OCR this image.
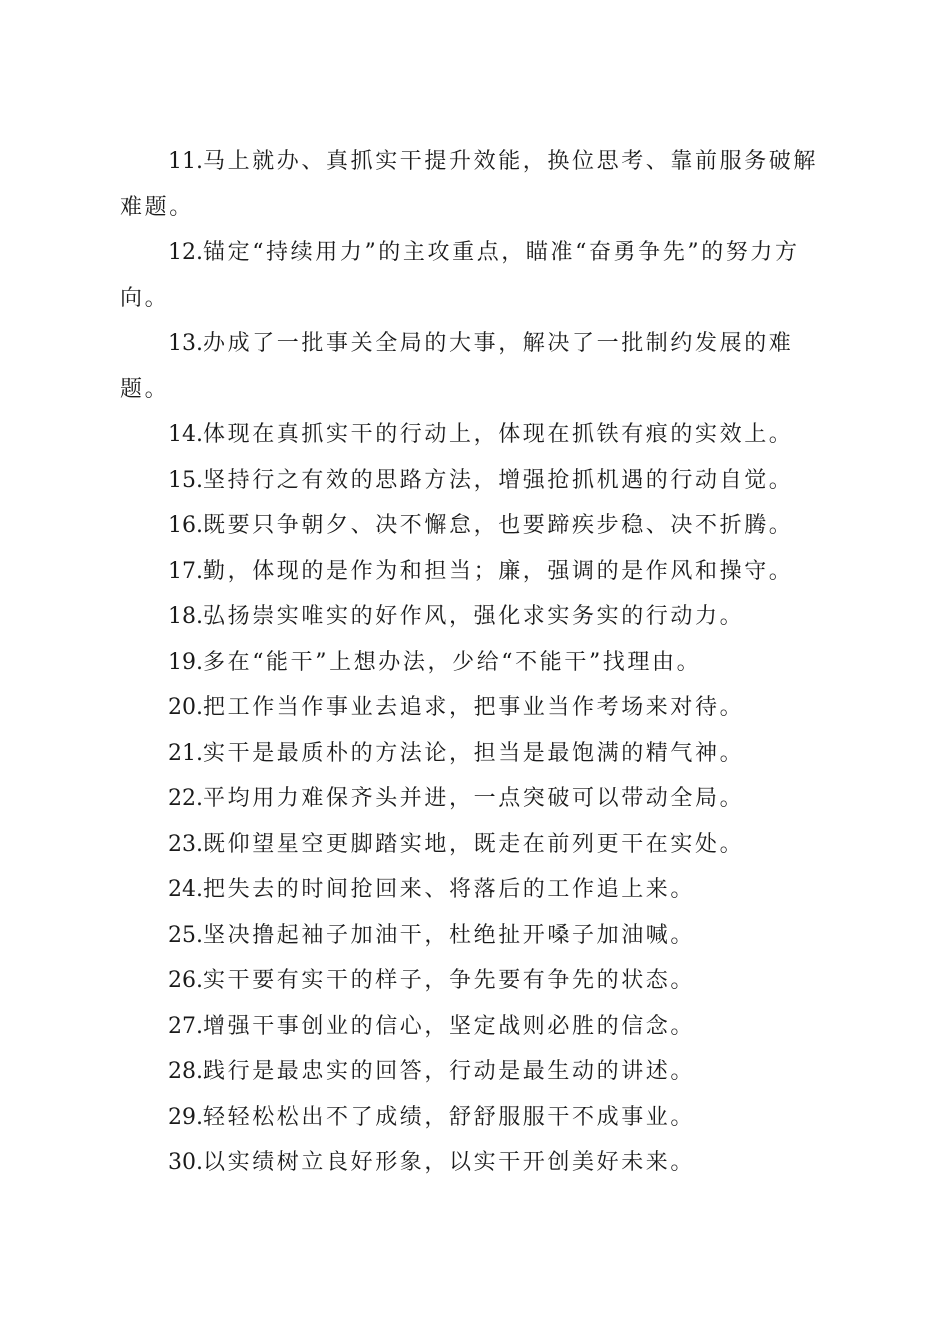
11.马上就办、真抓实干提升效能，换位思考、靠前服务破解难题。

12.锚定“持续用力”的主攻重点，瞄准“奋勇争先”的努力方向。

13.办成了一批事关全局的大事，解决了一批制约发展的难题。

14.体现在真抓实干的行动上，体现在抓铁有痕的实效上。

15.坚持行之有效的思路方法，增强抢抓机遇的行动自觉。

16.既要只争朝夕、决不懈怠，也要蹄疾步稳、决不折腾。

17.勤，体现的是作为和担当；廉，强调的是作风和操守。

18.弘扬崇实唯实的好作风，强化求实务实的行动力。

19.多在“能干”上想办法，少给“不能干”找理由。

20.把工作当作事业去追求，把事业当作考场来对待。

21.实干是最质朴的方法论，担当是最饱满的精气神。

22.平均用力难保齐头并进，一点突破可以带动全局。

23.既仰望星空更脚踏实地，既走在前列更干在实处。

24.把失去的时间抢回来、将落后的工作追上来。

25.坚决撸起袖子加油干，杜绝扯开嗓子加油喊。

26.实干要有实干的样子，争先要有争先的状态。

27.增强干事创业的信心，坚定战则必胜的信念。

28.践行是最忠实的回答，行动是最生动的讲述。

29.轻轻松松出不了成绩，舒舒服服干不成事业。

30.以实绩树立良好形象，以实干开创美好未来。
